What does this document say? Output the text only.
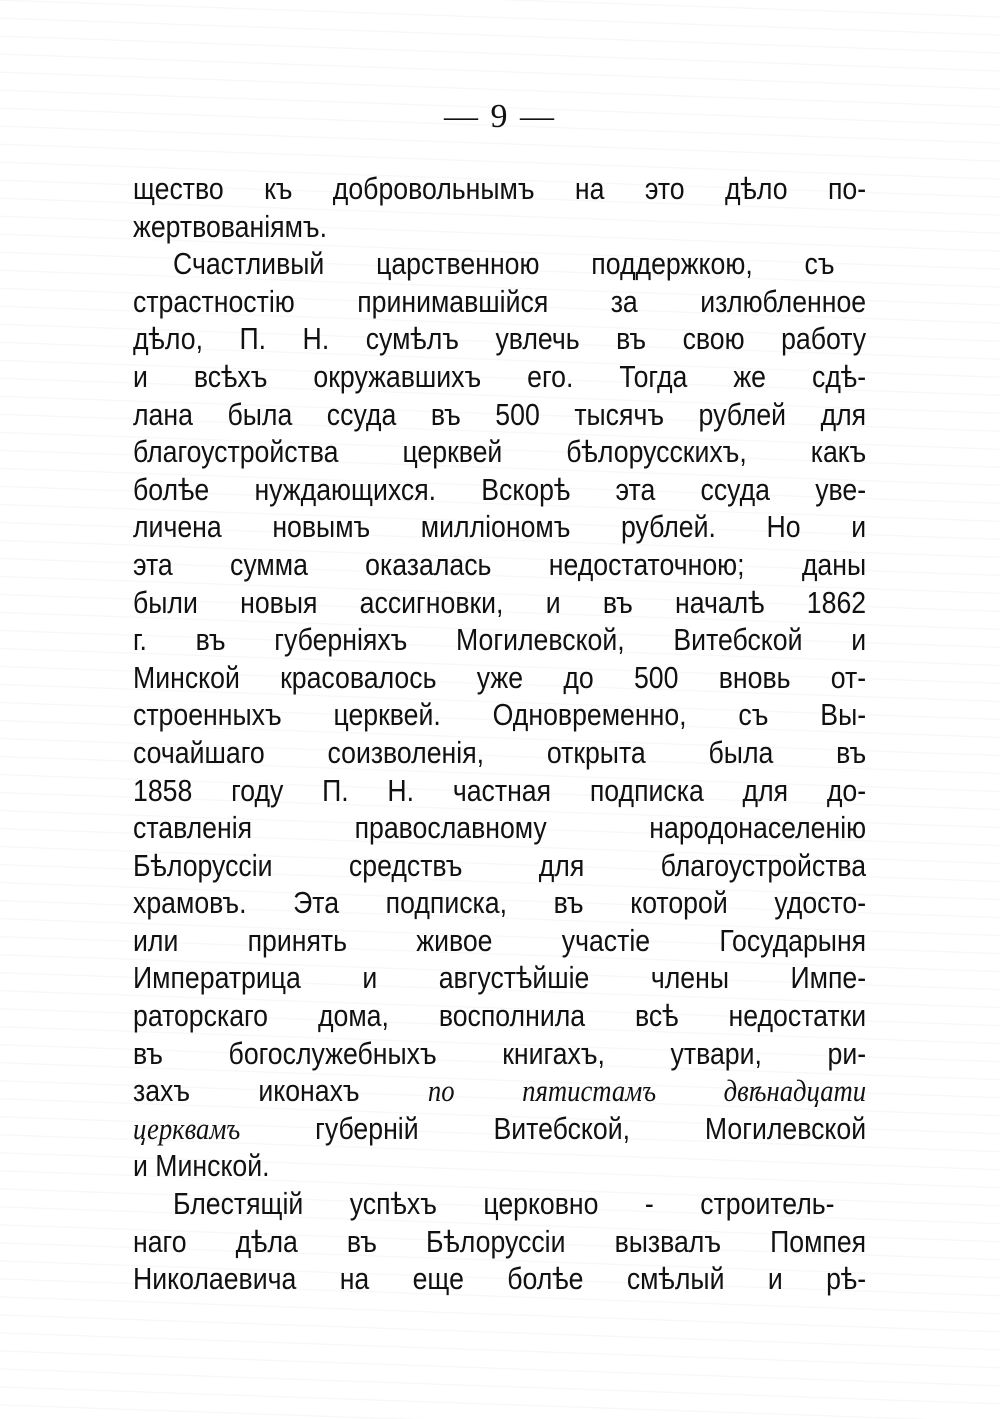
— 9 —
щество къ добровольнымъ на это дѣло по-
жертвованіямъ.
Счастливый царственною поддержкою, съ
страстностію принимавшійся за излюбленное
дѣло, П. Н. сумѣлъ увлечь въ свою работу
и всѣхъ окружавшихъ его. Тогда же сдѣ-
лана была ссуда въ 500 тысячъ рублей для
благоустройства церквей бѣлорусскихъ, какъ
болѣе нуждающихся. Вскорѣ эта ссуда уве-
личена новымъ милліономъ рублей. Но и
эта сумма оказалась недостаточною; даны
были новыя ассигновки, и въ началѣ 1862
г. въ губерніяхъ Могилевской, Витебской и
Минской красовалось уже до 500 вновь от-
строенныхъ церквей. Одновременно, съ Вы-
сочайшаго соизволенія, открыта была въ
1858 году П. Н. частная подписка для до-
ставленія православному народонаселенію
Бѣлоруссіи средствъ для благоустройства
храмовъ. Эта подписка, въ которой удосто-
или принять живое участіе Государыня
Императрица и августѣйшіе члены Импе-
раторскаго дома, восполнила всѣ недостатки
въ богослужебныхъ книгахъ, утвари, ри-
захъ иконахъ по пятистамъ двѣнадцати
церквамъ губерній Витебской, Могилевской
и Минской.
Блестящій успѣхъ церковно - строитель-
наго дѣла въ Бѣлоруссіи вызвалъ Помпея
Николаевича на еще болѣе смѣлый и рѣ-
